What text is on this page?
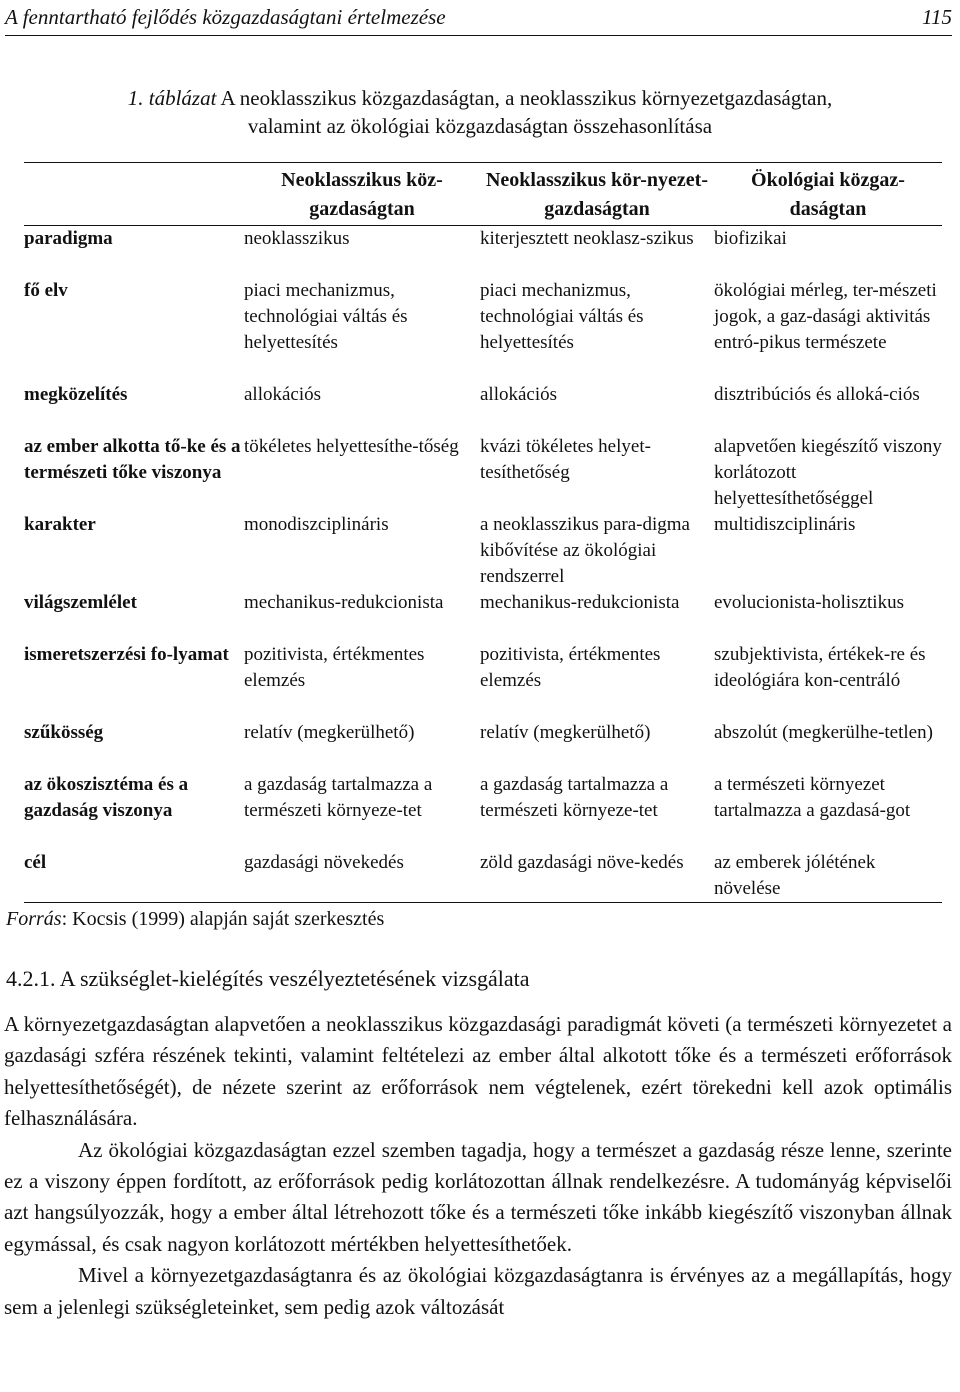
A fenntartható fejlődés közgazdaságtani értelmezése	115
1. táblázat A neoklasszikus közgazdaságtan, a neoklasszikus környezetgazdaságtan,
valamint az ökológiai közgazdaságtan összehasonlítása
	Neoklasszikus köz-gazdaságtan	Neoklasszikus kör-nyezet-gazdaságtan	Ökológiai közgaz-daságtan
paradigma	neoklasszikus	kiterjesztett neoklasz-szikus	biofizikai
fő elv	piaci mechanizmus, technológiai váltás és helyettesítés	piaci mechanizmus, technológiai váltás és helyettesítés	ökológiai mérleg, ter-mészeti jogok, a gaz-dasági aktivitás entró-pikus természete
megközelítés	allokációs	allokációs	disztribúciós és alloká-ciós
az ember alkotta tő-ke és a természeti tőke viszonya	tökéletes helyettesíthe-tőség	kvázi tökéletes helyet-tesíthetőség	alapvetően kiegészítő viszony korlátozott helyettesíthetőséggel
karakter	monodiszciplináris	a neoklasszikus para-digma kibővítése az ökológiai rendszerrel	multidiszciplináris
világszemlélet	mechanikus-redukcionista	mechanikus-redukcionista	evolucionista-holisztikus
ismeretszerzési fo-lyamat	pozitivista, értékmentes elemzés	pozitivista, értékmentes elemzés	szubjektivista, értékek-re és ideológiára kon-centráló
szűkösség	relatív (megkerülhető)	relatív (megkerülhető)	abszolút (megkerülhe-tetlen)
az ökoszisztéma és a gazdaság viszonya	a gazdaság tartalmazza a természeti környeze-tet	a gazdaság tartalmazza a természeti környeze-tet	a természeti környezet tartalmazza a gazdasá-got
cél	gazdasági növekedés	zöld gazdasági növe-kedés	az emberek jólétének növelése
Forrás: Kocsis (1999) alapján saját szerkesztés
4.2.1. A szükséglet-kielégítés veszélyeztetésének vizsgálata

A környezetgazdaságtan alapvetően a neoklasszikus közgazdasági paradigmát követi (a természeti környezetet a gazdasági szféra részének tekinti, valamint feltételezi az ember által alkotott tőke és a természeti erőforrások helyettesíthetőségét), de nézete szerint az erőforrások nem végtelenek, ezért törekedni kell azok optimális felhasználására.

Az ökológiai közgazdaságtan ezzel szemben tagadja, hogy a természet a gazdaság része lenne, szerinte ez a viszony éppen fordított, az erőforrások pedig korlátozottan állnak rendelkezésre. A tudományág képviselői azt hangsúlyozzák, hogy a ember által létrehozott tőke és a természeti tőke inkább kiegészítő viszonyban állnak egymással, és csak nagyon korlátozott mértékben helyettesíthetőek.

Mivel a környezetgazdaságtanra és az ökológiai közgazdaságtanra is érvényes az a megállapítás, hogy sem a jelenlegi szükségleteinket, sem pedig azok változását
